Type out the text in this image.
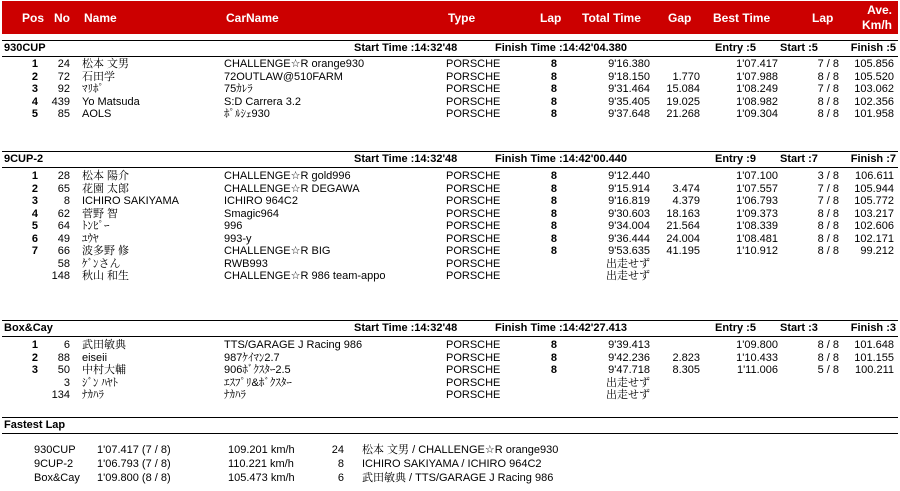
Pos No Name	CarName	Type	Lap Total Time Gap Best Time	Lap
Ave.
Km/h
930CUP	Start Time :14:32'48	Finish Time :14:42'04.380	Entry :5 Start :5	Finish :5
1 24 松本 文男	CHALLENGE☆R orange930	PORSCHE	8	9'16.380	1'07.417	7 / 8 105.856
2 72 石田学	72OUTLAW@510FARM	PORSCHE	8	9'18.150 1.770	1'07.988	8 / 8 105.520
3 92 ﾏﾘﾎﾟ	75ｶﾚﾗ	PORSCHE	8	9'31.464 15.084	1'08.249	7 / 8 103.062
4 439 Yo Matsuda	S:D Carrera 3.2	PORSCHE	8	9'35.405 19.025	1'08.982	8 / 8 102.356
5 85 AOLS	ﾎﾟﾙｼｪ930	PORSCHE	8	9'37.648 21.268	1'09.304	8 / 8 101.958
9CUP-2	Start Time :14:32'48	Finish Time :14:42'00.440	Entry :9 Start :7	Finish :7
1 28 松本 陽介	CHALLENGE☆R gold996	PORSCHE	8	9'12.440	1'07.100	3 / 8 106.611
2 65 花園 太郎	CHALLENGE☆R DEGAWA	PORSCHE	8	9'15.914 3.474	1'07.557	7 / 8 105.944
3 8 ICHIRO SAKIYAMA	ICHIRO 964C2	PORSCHE	8	9'16.819 4.379	1'06.793	7 / 8 105.772
4 62 菅野 智	Smagic964	PORSCHE	8	9'30.603 18.163	1'09.373	8 / 8 103.217
5 64 ﾄﾝﾋﾟｰ	996	PORSCHE	8	9'34.004 21.564	1'08.339	8 / 8 102.606
6 49 ﾕｳﾔ	993-y	PORSCHE	8	9'36.444 24.004	1'08.481	8 / 8 102.171
7 66 波多野 修	CHALLENGE☆R BIG	PORSCHE	8	9'53.635 41.195	1'10.912	8 / 8 99.212
58 ｹﾞﾝさん	RWB993	PORSCHE	出走せず
148 秋山 和生	CHALLENGE☆R 986 team-appo	PORSCHE	出走せず
Box&Cay	Start Time :14:32'48	Finish Time :14:42'27.413	Entry :5 Start :3	Finish :3
1 6 武田敏典	TTS/GARAGE J Racing 986	PORSCHE	8	9'39.413	1'09.800	8 / 8 101.648
2 88 eiseii	987ｹｲﾏﾝ2.7	PORSCHE	8	9'42.236 2.823	1'10.433	8 / 8 101.155
3 50 中村大輔	906ﾎﾞｸｽﾀｰ2.5	PORSCHE	8	9'47.718 8.305	1'11.006	5 / 8 100.211
3 ｼﾞﾝ ﾊﾔﾄ	ｴｽﾌﾟﾘ&ﾎﾞｸｽﾀｰ	PORSCHE	出走せず
134 ﾅｶﾊﾗ	ﾅｶﾊﾗ	PORSCHE	出走せず
Fastest Lap
930CUP 1'07.417 (7 / 8)	109.201 km/h	24 松本 文男 / CHALLENGE☆R orange930
9CUP-2 1'06.793 (7 / 8)	110.221 km/h	8 ICHIRO SAKIYAMA / ICHIRO 964C2
Box&Cay 1'09.800 (8 / 8)	105.473 km/h	6 武田敏典 / TTS/GARAGE J Racing 986
